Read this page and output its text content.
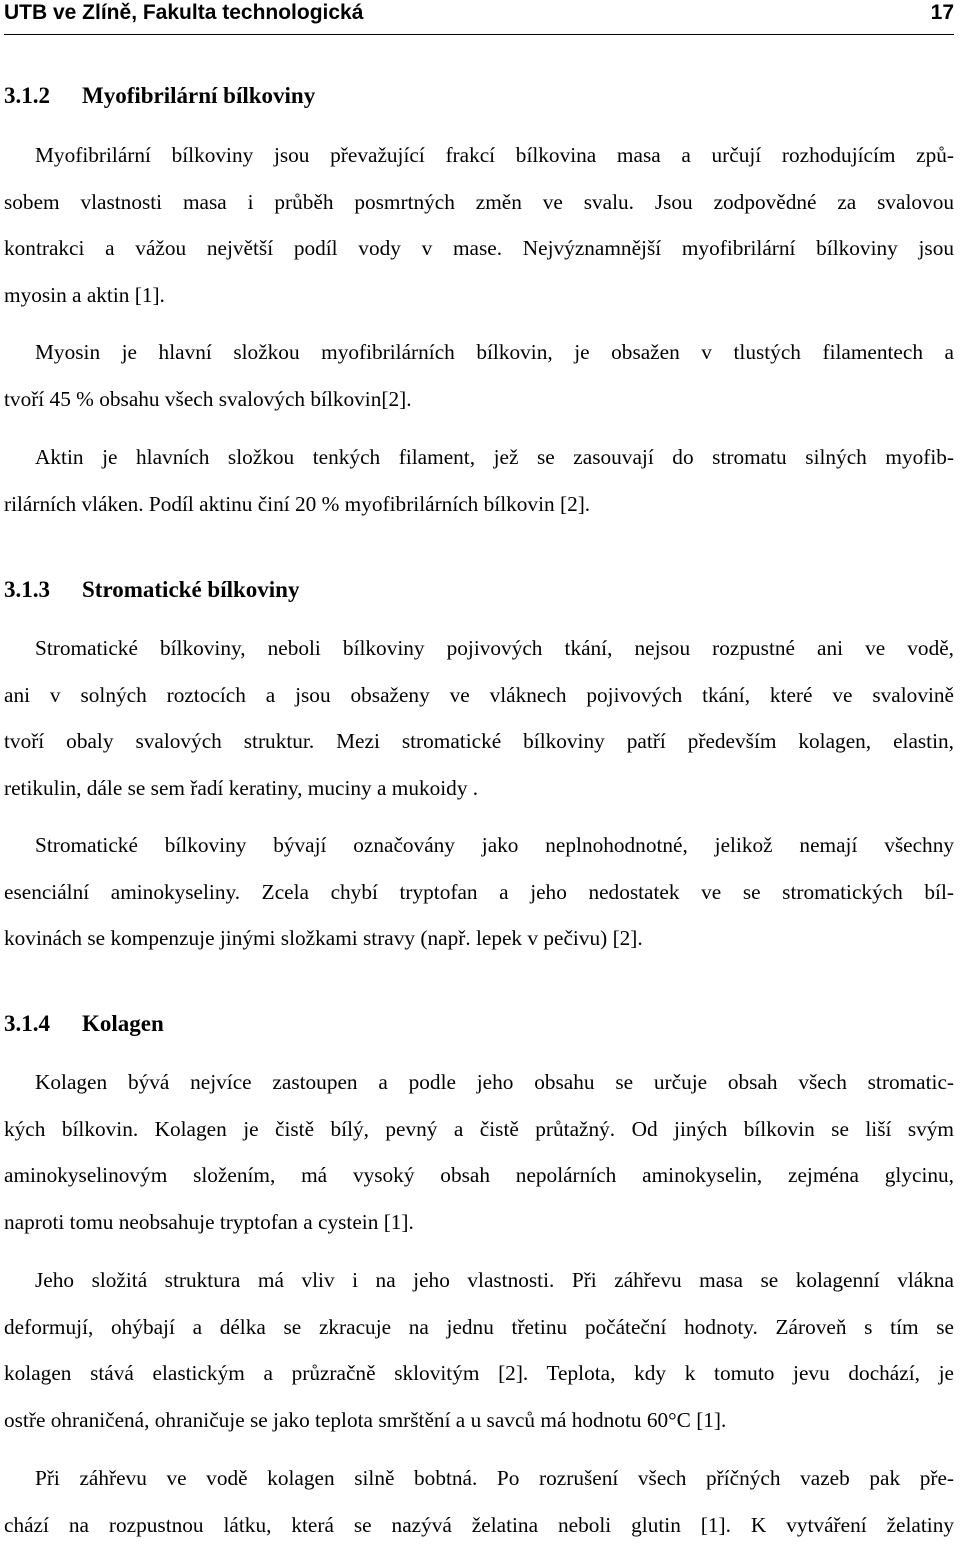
UTB ve Zlíně, Fakulta technologická	17
3.1.2 Myofibrilární bílkoviny
Myofibrilární bílkoviny jsou převažující frakcí bílkovina masa a určují rozhodujícím způ-
sobem vlastnosti masa i průběh posmrtných změn ve svalu. Jsou zodpovědné za svalovou
kontrakci a vážou největší podíl vody v mase. Nejvýznamnější myofibrilární bílkoviny jsou
myosin a aktin [1].
Myosin je hlavní složkou myofibrilárních bílkovin, je obsažen v tlustých filamentech a
tvoří 45 % obsahu všech svalových bílkovin[2].
Aktin je hlavních složkou tenkých filament, jež se zasouvají do stromatu silných myofib-
rilárních vláken. Podíl aktinu činí 20 % myofibrilárních bílkovin [2].
3.1.3 Stromatické bílkoviny
Stromatické bílkoviny, neboli bílkoviny pojivových tkání, nejsou rozpustné ani ve vodě,
ani v solných roztocích a jsou obsaženy ve vláknech pojivových tkání, které ve svalovině
tvoří obaly svalových struktur. Mezi stromatické bílkoviny patří především kolagen, elastin,
retikulin, dále se sem řadí keratiny, muciny a mukoidy .
Stromatické bílkoviny bývají označovány jako neplnohodnotné, jelikož nemají všechny
esenciální aminokyseliny. Zcela chybí tryptofan a jeho nedostatek ve se stromatických bíl-
kovinách se kompenzuje jinými složkami stravy (např. lepek v pečivu) [2].
3.1.4 Kolagen
Kolagen bývá nejvíce zastoupen a podle jeho obsahu se určuje obsah všech stromatic-
kých bílkovin. Kolagen je čistě bílý, pevný a čistě průtažný. Od jiných bílkovin se liší svým
aminokyselinovým složením, má vysoký obsah nepolárních aminokyselin, zejména glycinu,
naproti tomu neobsahuje tryptofan a cystein [1].
Jeho složitá struktura má vliv i na jeho vlastnosti. Při záhřevu masa se kolagenní vlákna
deformují, ohýbají a délka se zkracuje na jednu třetinu počáteční hodnoty. Zároveň s tím se
kolagen stává elastickým a průzračně sklovitým [2]. Teplota, kdy k tomuto jevu dochází, je
ostře ohraničená, ohraničuje se jako teplota smrštění a u savců má hodnotu 60°C [1].
Při záhřevu ve vodě kolagen silně bobtná. Po rozrušení všech příčných vazeb pak pře-
chází na rozpustnou látku, která se nazývá želatina neboli glutin [1]. K vytváření želatiny
